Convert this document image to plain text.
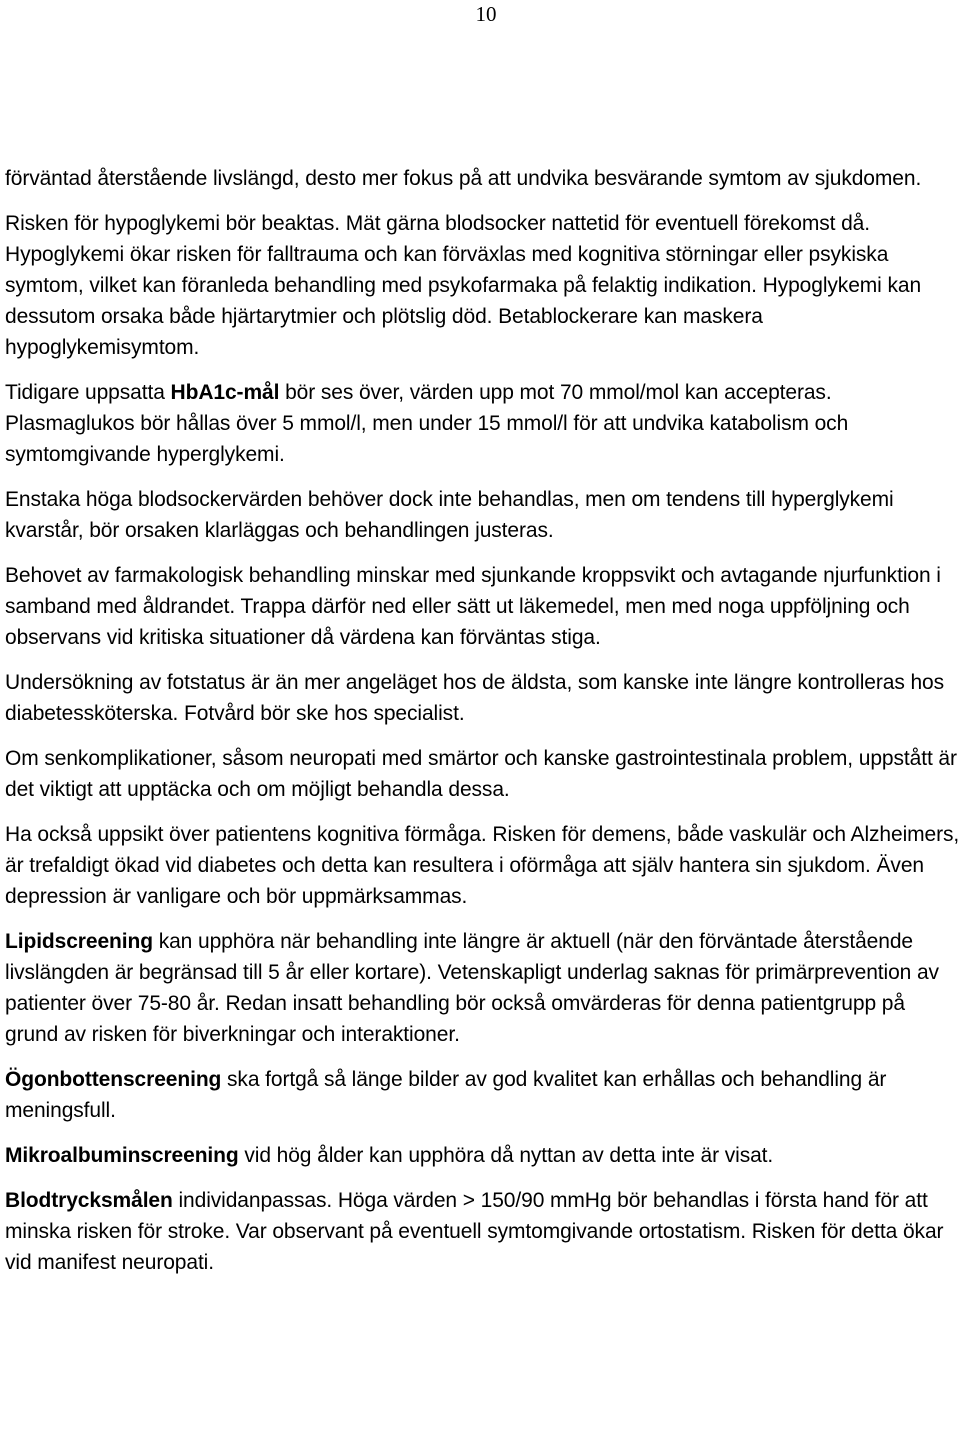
10

förväntad återstående livslängd, desto mer fokus på att undvika besvärande symtom av sjukdomen.

Risken för hypoglykemi bör beaktas. Mät gärna blodsocker nattetid för eventuell förekomst då. Hypoglykemi ökar risken för falltrauma och kan förväxlas med kognitiva störningar eller psykiska symtom, vilket kan föranleda behandling med psykofarmaka på felaktig indikation. Hypoglykemi kan dessutom orsaka både hjärtarytmier och plötslig död. Betablockerare kan maskera hypoglykemisymtom.

Tidigare uppsatta HbA1c-mål bör ses över, värden upp mot 70 mmol/mol kan accepteras. Plasmaglukos bör hållas över 5 mmol/l, men under 15 mmol/l för att undvika katabolism och symtomgivande hyperglykemi.

Enstaka höga blodsockervärden behöver dock inte behandlas, men om tendens till hyperglykemi kvarstår, bör orsaken klarläggas och behandlingen justeras.

Behovet av farmakologisk behandling minskar med sjunkande kroppsvikt och avtagande njurfunktion i samband med åldrandet. Trappa därför ned eller sätt ut läkemedel, men med noga uppföljning och observans vid kritiska situationer då värdena kan förväntas stiga.

Undersökning av fotstatus är än mer angeläget hos de äldsta, som kanske inte längre kontrolleras hos diabetessköterska. Fotvård bör ske hos specialist.

Om senkomplikationer, såsom neuropati med smärtor och kanske gastrointestinala problem, uppstått är det viktigt att upptäcka och om möjligt behandla dessa.

Ha också uppsikt över patientens kognitiva förmåga. Risken för demens, både vaskulär och Alzheimers, är trefaldigt ökad vid diabetes och detta kan resultera i oförmåga att själv hantera sin sjukdom. Även depression är vanligare och bör uppmärksammas.

Lipidscreening kan upphöra när behandling inte längre är aktuell (när den förväntade återstående livslängden är begränsad till 5 år eller kortare). Vetenskapligt underlag saknas för primärprevention av patienter över 75-80 år. Redan insatt behandling bör också omvärderas för denna patientgrupp på grund av risken för biverkningar och interaktioner.

Ögonbottenscreening ska fortgå så länge bilder av god kvalitet kan erhållas och behandling är meningsfull.

Mikroalbuminscreening vid hög ålder kan upphöra då nyttan av detta inte är visat.

Blodtrycksmålen individanpassas. Höga värden > 150/90 mmHg bör behandlas i första hand för att minska risken för stroke. Var observant på eventuell symtomgivande ortostatism. Risken för detta ökar vid manifest neuropati.
